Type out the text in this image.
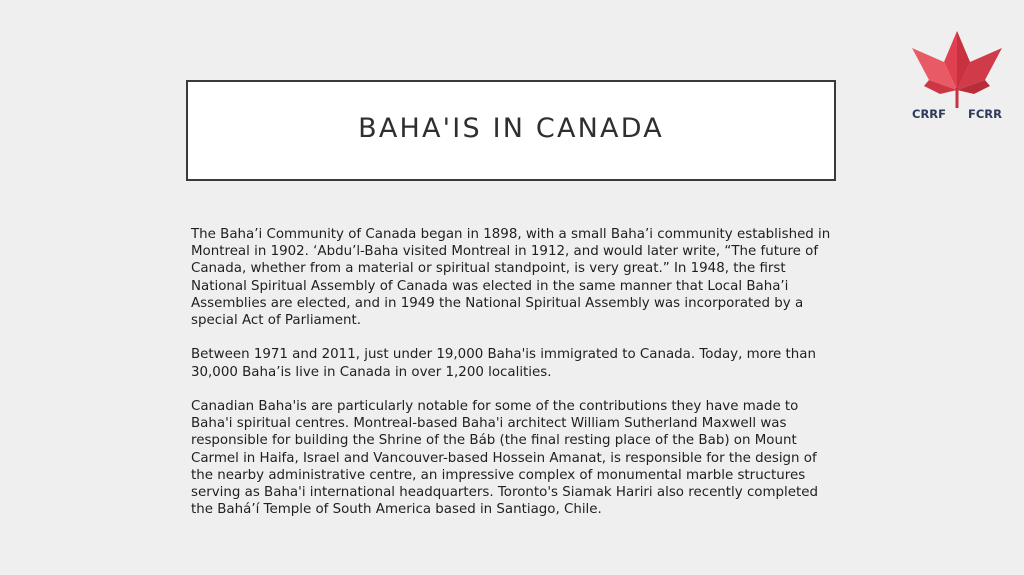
BAHA'IS IN CANADA	CRRF FCRR

The Baha’i Community of Canada began in 1898, with a small Baha’i community established in Montreal in 1902. ‘Abdu’l-Baha visited Montreal in 1912, and would later write, “The future of Canada, whether from a material or spiritual standpoint, is very great.” In 1948, the first National Spiritual Assembly of Canada was elected in the same manner that Local Baha’i Assemblies are elected, and in 1949 the National Spiritual Assembly was incorporated by a special Act of Parliament.

Between 1971 and 2011, just under 19,000 Baha'is immigrated to Canada. Today, more than 30,000 Baha’is live in Canada in over 1,200 localities.

Canadian Baha'is are particularly notable for some of the contributions they have made to Baha'i spiritual centres. Montreal-based Baha'i architect William Sutherland Maxwell was responsible for building the Shrine of the Báb (the final resting place of the Bab) on Mount Carmel in Haifa, Israel and Vancouver-based Hossein Amanat, is responsible for the design of the nearby administrative centre, an impressive complex of monumental marble structures serving as Baha'i international headquarters. Toronto's Siamak Hariri also recently completed the Bahá’í Temple of South America based in Santiago, Chile.
